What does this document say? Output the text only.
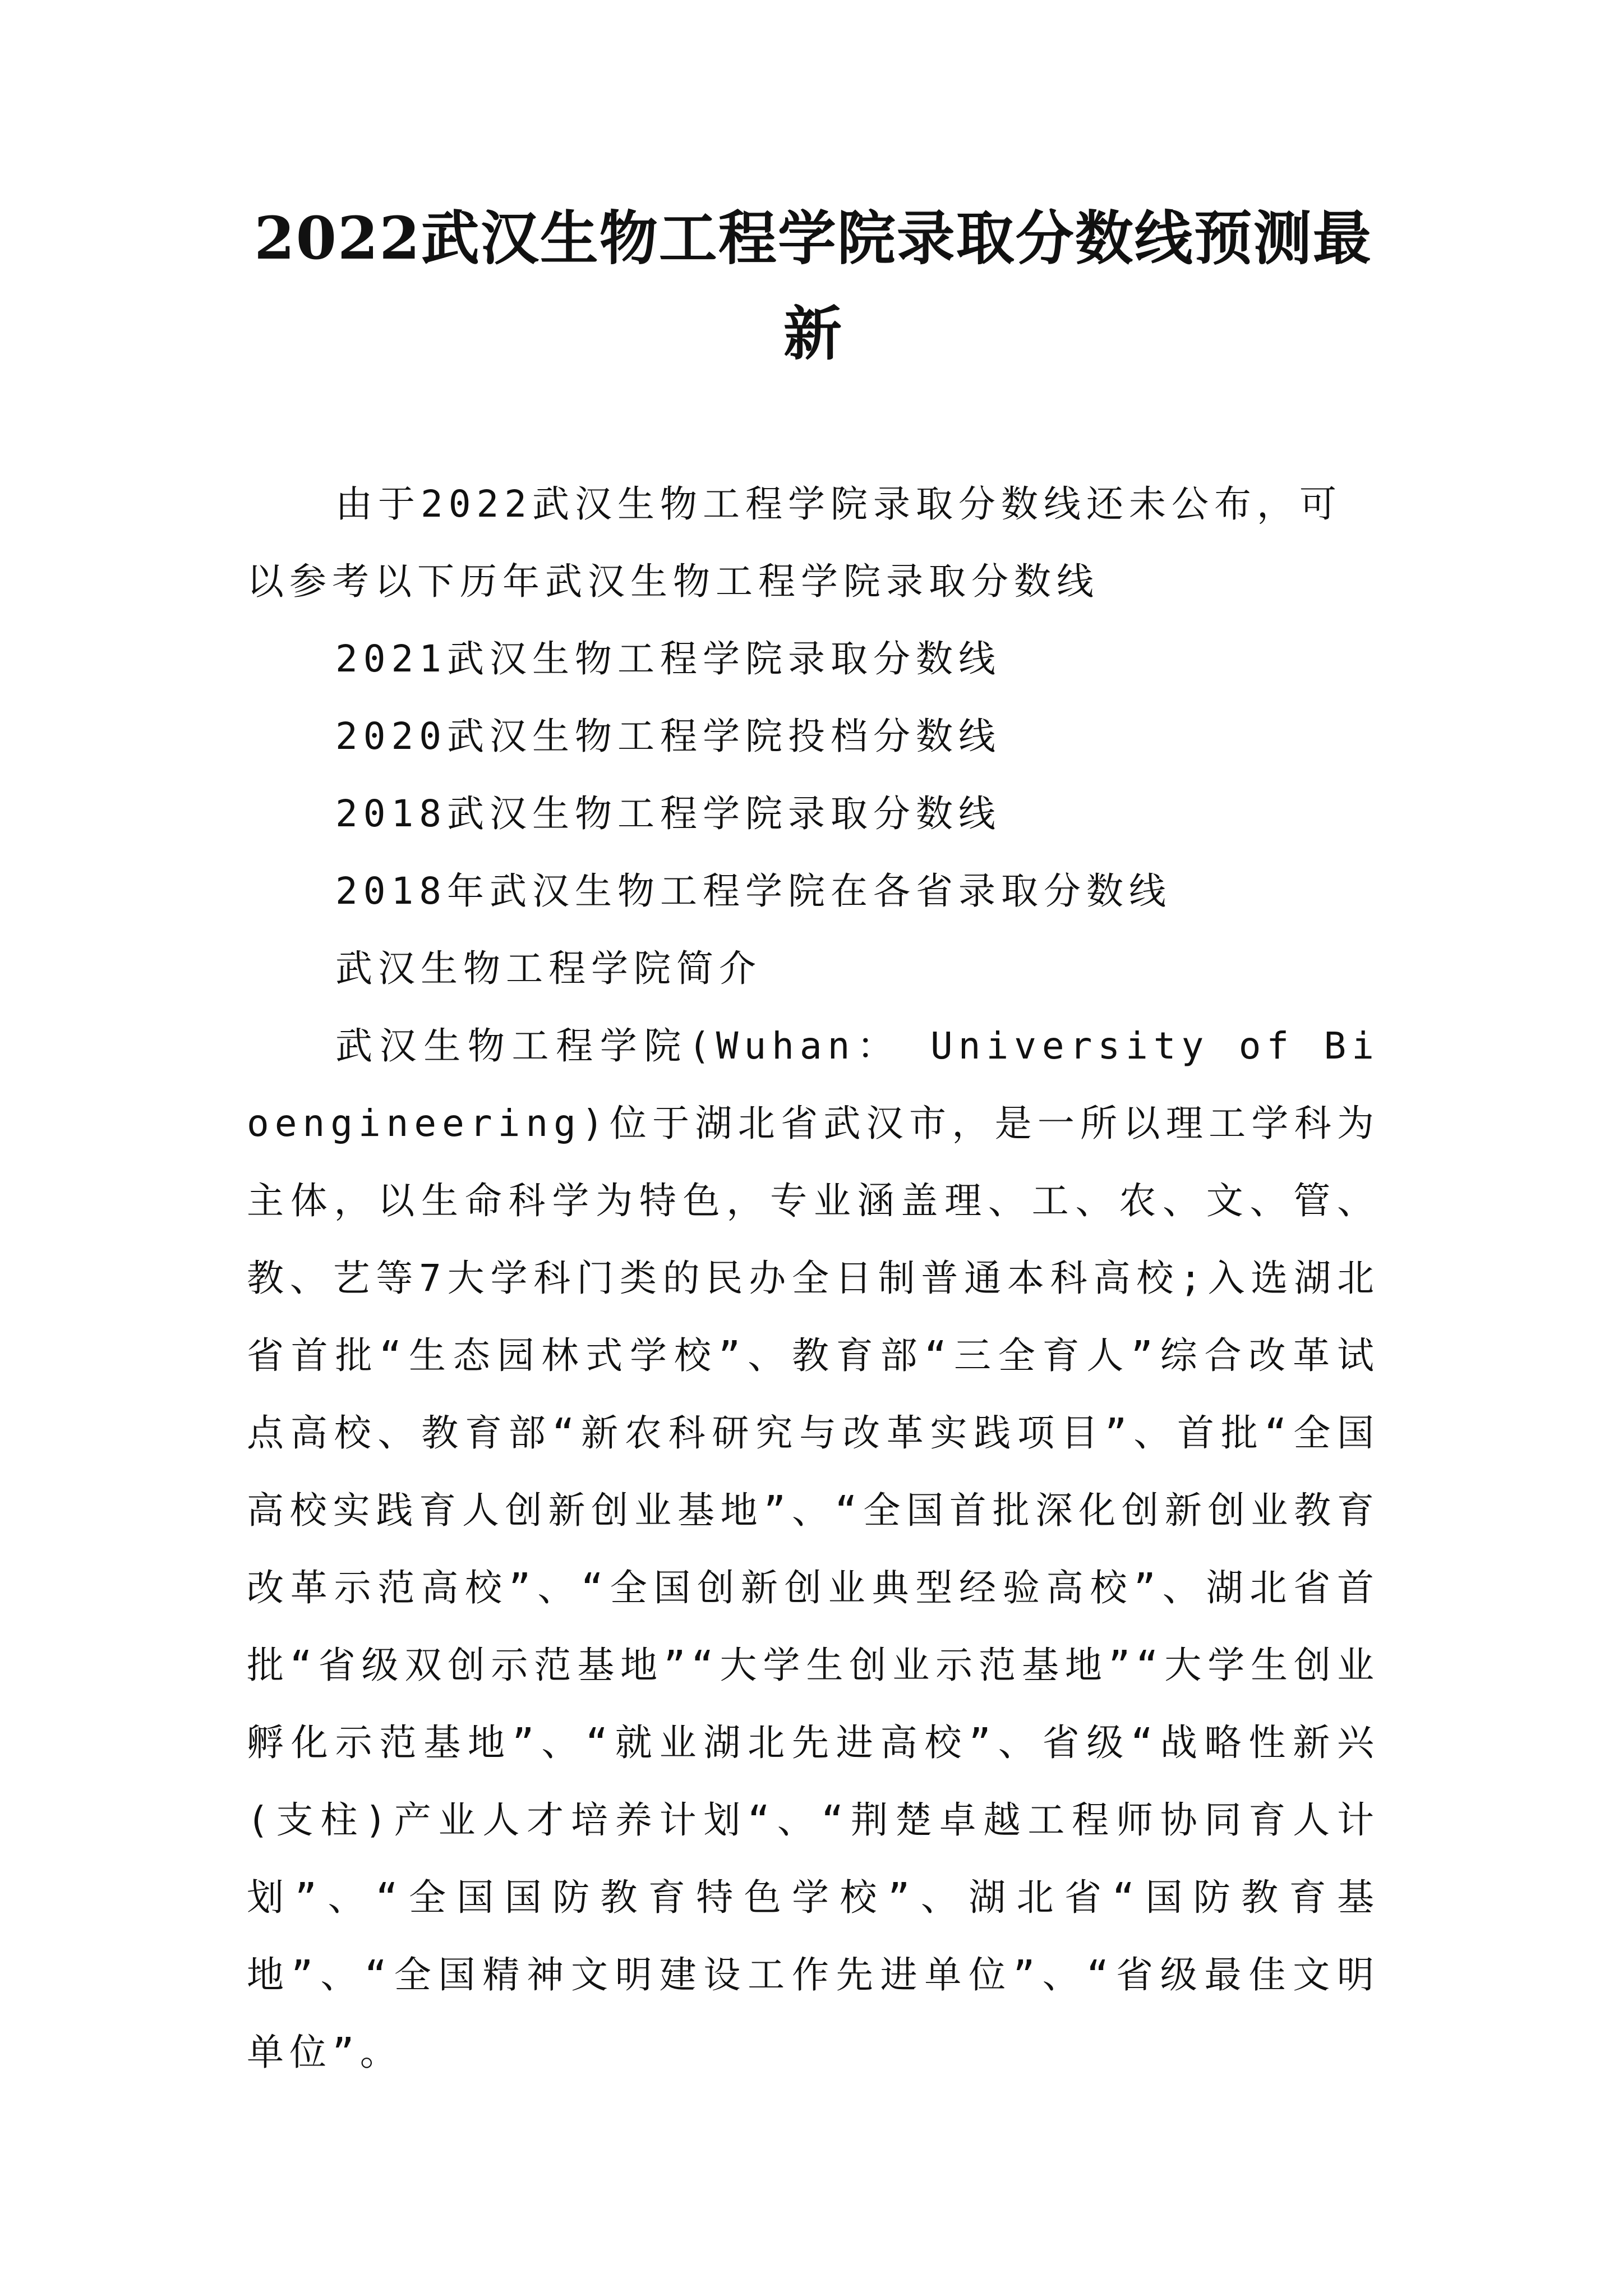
2022武汉生物工程学院录取分数线预测最
新

由于2022武汉生物工程学院录取分数线还未公布，可以参考以下历年武汉生物工程学院录取分数线

2021武汉生物工程学院录取分数线

2020武汉生物工程学院投档分数线

2018武汉生物工程学院录取分数线

2018年武汉生物工程学院在各省录取分数线

武汉生物工程学院简介

武汉生物工程学院(Wuhan： University of Bioengineering)位于湖北省武汉市，是一所以理工学科为主体，以生命科学为特色，专业涵盖理、工、农、文、管、教、艺等7大学科门类的民办全日制普通本科高校;入选湖北省首批“生态园林式学校”、教育部“三全育人”综合改革试点高校、教育部“新农科研究与改革实践项目”、首批“全国高校实践育人创新创业基地”、“全国首批深化创新创业教育改革示范高校”、“全国创新创业典型经验高校”、湖北省首批“省级双创示范基地”“大学生创业示范基地”“大学生创业孵化示范基地”、“就业湖北先进高校”、省级“战略性新兴(支柱)产业人才培养计划“、“荆楚卓越工程师协同育人计划”、“全国国防教育特色学校”、湖北省“国防教育基地”、“全国精神文明建设工作先进单位”、“省级最佳文明单位”。
